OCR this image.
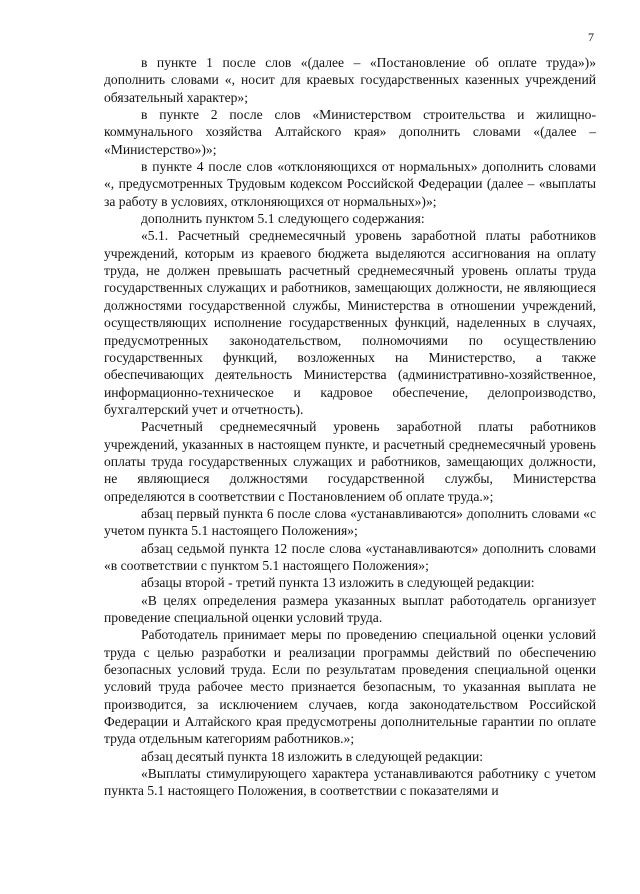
7

в пункте 1 после слов «(далее – «Постановление об оплате труда»)» дополнить словами «, носит для краевых государственных казенных учреждений обязательный характер»;

в пункте 2 после слов «Министерством строительства и жилищно-коммунального хозяйства Алтайского края» дополнить словами «(далее – «Министерство»)»;

в пункте 4 после слов «отклоняющихся от нормальных» дополнить словами «, предусмотренных Трудовым кодексом Российской Федерации (далее – «выплаты за работу в условиях, отклоняющихся от нормальных»)»;

дополнить пунктом 5.1 следующего содержания:

«5.1. Расчетный среднемесячный уровень заработной платы работников учреждений, которым из краевого бюджета выделяются ассигнования на оплату труда, не должен превышать расчетный среднемесячный уровень оплаты труда государственных служащих и работников, замещающих должности, не являющиеся должностями государственной службы, Министерства в отношении учреждений, осуществляющих исполнение государственных функций, наделенных в случаях, предусмотренных законодательством, полномочиями по осуществлению государственных функций, возложенных на Министерство, а также обеспечивающих деятельность Министерства (административно-хозяйственное, информационно-техническое и кадровое обеспечение, делопроизводство, бухгалтерский учет и отчетность).

Расчетный среднемесячный уровень заработной платы работников учреждений, указанных в настоящем пункте, и расчетный среднемесячный уровень оплаты труда государственных служащих и работников, замещающих должности, не являющиеся должностями государственной службы, Министерства определяются в соответствии с Постановлением об оплате труда.»;

абзац первый пункта 6 после слова «устанавливаются» дополнить словами «с учетом пункта 5.1 настоящего Положения»;

абзац седьмой пункта 12 после слова «устанавливаются» дополнить словами «в соответствии с пунктом 5.1 настоящего Положения»;

абзацы второй - третий пункта 13 изложить в следующей редакции:

«В целях определения размера указанных выплат работодатель организует проведение специальной оценки условий труда.

Работодатель принимает меры по проведению специальной оценки условий труда с целью разработки и реализации программы действий по обеспечению безопасных условий труда. Если по результатам проведения специальной оценки условий труда рабочее место признается безопасным, то указанная выплата не производится, за исключением случаев, когда законодательством Российской Федерации и Алтайского края предусмотрены дополнительные гарантии по оплате труда отдельным категориям работников.»;

абзац десятый пункта 18 изложить в следующей редакции:

«Выплаты стимулирующего характера устанавливаются работнику с учетом пункта 5.1 настоящего Положения, в соответствии с показателями и
